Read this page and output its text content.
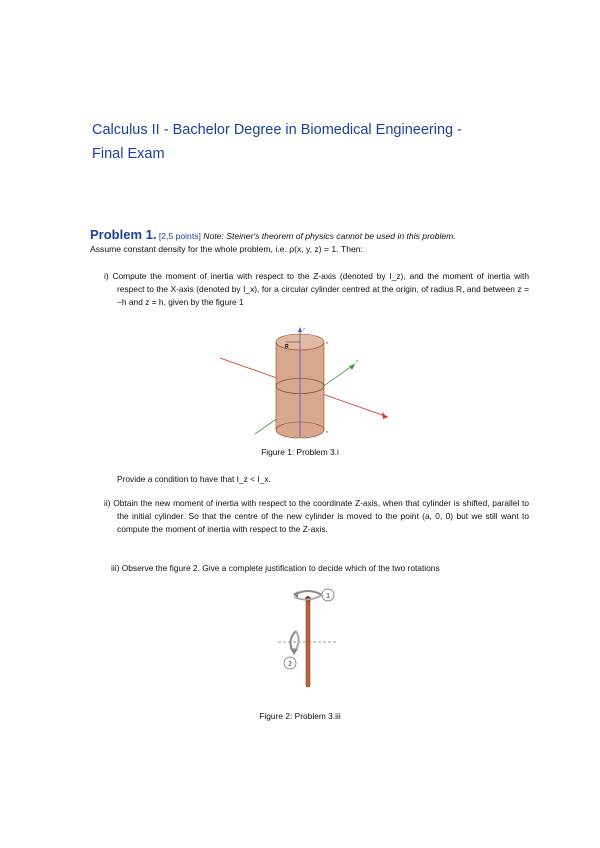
Calculus II - Bachelor Degree in Biomedical Engineering -
Final Exam
Problem 1. [2,5 points] Note: Steiner's theorem of physics cannot be used in this problem.
Assume constant density for the whole problem, i.e. ρ(x, y, z) = 1. Then:
i) Compute the moment of inertia with respect to the Z-axis (denoted by I_z), and the moment of inertia with respect to the X-axis (denoted by I_x), for a circular cylinder centred at the origin, of radius R, and between z = −h and z = h, given by the figure 1
R
z
y
x
h
h
Figure 1: Problem 3.i
Provide a condition to have that I_z < I_x.
ii) Obtain the new moment of inertia with respect to the coordinate Z-axis, when that cylinder is shifted, parallel to the initial cylinder. So that the centre of the new cylinder is moved to the point (a, 0, 0) but we still want to compute the moment of inertia with respect to the Z-axis.
iii) Observe the figure 2. Give a complete justification to decide which of the two rotations
1
2
Figure 2: Problem 3.iii
